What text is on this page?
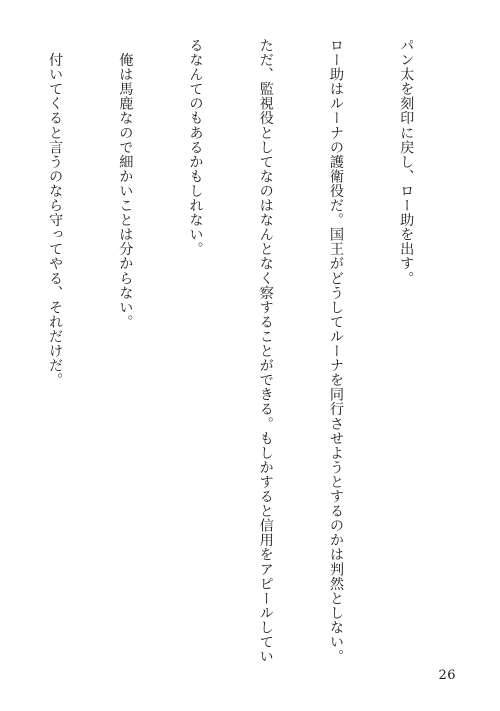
パン太を刻印に戻し、ロー助を出す。

ロー助はルーナの護衛役だ。国王がどうしてルーナを同行させようとするのかは判然としない。

ただ、監視役としてなのはなんとなく察することができる。もしかすると信用をアピールしてい

るなんてのもあるかもしれない。

　俺は馬鹿なので細かいことは分からない。

　付いてくると言うのなら守ってやる、それだけだ。

26
